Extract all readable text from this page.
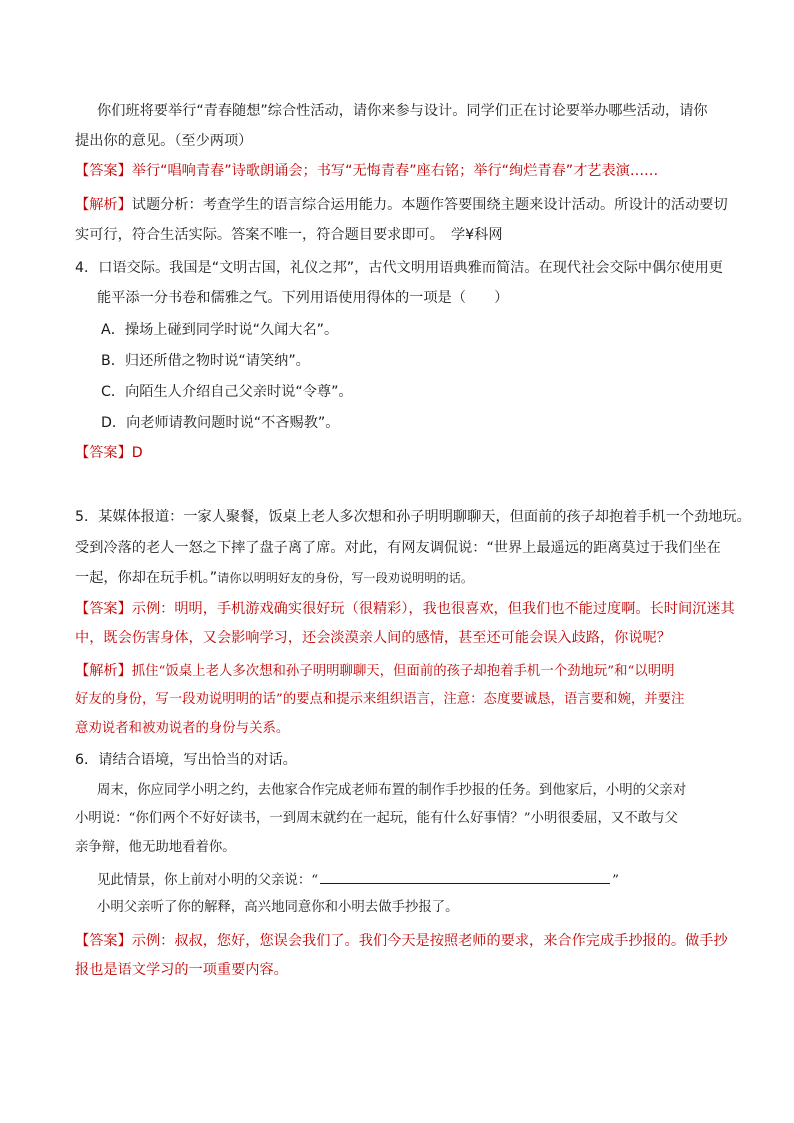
你们班将要举行“青春随想”综合性活动，请你来参与设计。同学们正在讨论要举办哪些活动，请你
提出你的意见。（至少两项）
【答案】举行“唱响青春”诗歌朗诵会；书写“无悔青春”座右铭；举行“绚烂青春”才艺表演……
【解析】试题分析：考查学生的语言综合运用能力。本题作答要围绕主题来设计活动。所设计的活动要切
实可行，符合生活实际。答案不唯一，符合题目要求即可。　学¥科网
4．口语交际。我国是“文明古国，礼仪之邦”，古代文明用语典雅而简洁。在现代社会交际中偶尔使用更
能平添一分书卷和儒雅之气。下列用语使用得体的一项是（　　）
A．操场上碰到同学时说“久闻大名”。
B．归还所借之物时说“请笑纳”。
C．向陌生人介绍自己父亲时说“令尊”。
D．向老师请教问题时说“不吝赐教”。
【答案】D
5．某媒体报道：一家人聚餐，饭桌上老人多次想和孙子明明聊聊天，但面前的孩子却抱着手机一个劲地玩。
受到冷落的老人一怒之下摔了盘子离了席。对此，有网友调侃说：“世界上最遥远的距离莫过于我们坐在
一起，你却在玩手机。”请你以明明好友的身份，写一段劝说明明的话。
【答案】示例：明明，手机游戏确实很好玩（很精彩），我也很喜欢，但我们也不能过度啊。长时间沉迷其
中，既会伤害身体，又会影响学习，还会淡漠亲人间的感情，甚至还可能会误入歧路，你说呢？
【解析】抓住“饭桌上老人多次想和孙子明明聊聊天，但面前的孩子却抱着手机一个劲地玩”和“以明明
好友的身份，写一段劝说明明的话”的要点和提示来组织语言，注意：态度要诚恳，语言要和婉，并要注
意劝说者和被劝说者的身份与关系。
6．请结合语境，写出恰当的对话。
周末，你应同学小明之约，去他家合作完成老师布置的制作手抄报的任务。到他家后，小明的父亲对
小明说：“你们两个不好好读书，一到周末就约在一起玩，能有什么好事情？”小明很委屈，又不敢与父
亲争辩，他无助地看着你。
见此情景，你上前对小明的父亲说：“	”
小明父亲听了你的解释，高兴地同意你和小明去做手抄报了。
【答案】示例：叔叔，您好，您误会我们了。我们今天是按照老师的要求，来合作完成手抄报的。做手抄
报也是语文学习的一项重要内容。
